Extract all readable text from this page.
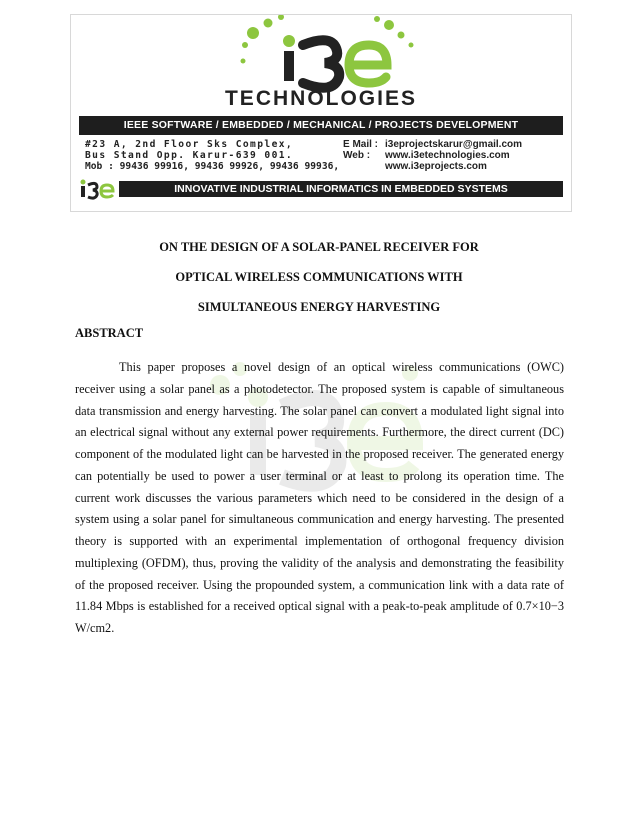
TECHNOLOGIES
IEEE SOFTWARE / EMBEDDED / MECHANICAL / PROJECTS DEVELOPMENT
#23 A, 2nd Floor Sks Complex,
Bus Stand Opp. Karur-639 001.
Mob : 99436 99916, 99436 99926, 99436 99936,
E Mail : i3eprojectskarur@gmail.com
Web : www.i3etechnologies.com
www.i3eprojects.com
INNOVATIVE INDUSTRIAL INFORMATICS IN EMBEDDED SYSTEMS
ON THE DESIGN OF A SOLAR-PANEL RECEIVER FOR
OPTICAL WIRELESS COMMUNICATIONS WITH
SIMULTANEOUS ENERGY HARVESTING
ABSTRACT
This paper proposes a novel design of an optical wireless communications (OWC) receiver using a solar panel as a photodetector. The proposed system is capable of simultaneous data transmission and energy harvesting. The solar panel can convert a modulated light signal into an electrical signal without any external power requirements. Furthermore, the direct current (DC) component of the modulated light can be harvested in the proposed receiver. The generated energy can potentially be used to power a user terminal or at least to prolong its operation time. The current work discusses the various parameters which need to be considered in the design of a system using a solar panel for simultaneous communication and energy harvesting. The presented theory is supported with an experimental implementation of orthogonal frequency division multiplexing (OFDM), thus, proving the validity of the analysis and demonstrating the feasibility of the proposed receiver. Using the propounded system, a communication link with a data rate of 11.84 Mbps is established for a received optical signal with a peak-to-peak amplitude of 0.7×10−3 W/cm2.
